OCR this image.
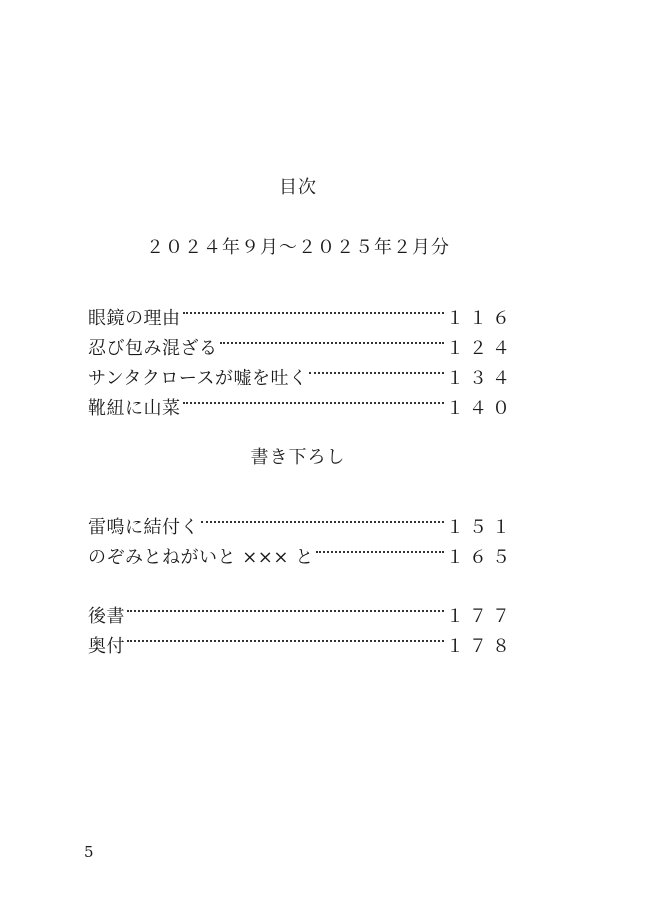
目次
２０２４年９月〜２０２５年２月分
眼鏡の理由	１１６
忍び包み混ざる	１２４
サンタクロースが嘘を吐く	１３４
靴紐に山菜	１４０
書き下ろし
雷鳴に結付く	１５１
のぞみとねがいと ××× と	１６５
後書	１７７
奥付	１７８
5
